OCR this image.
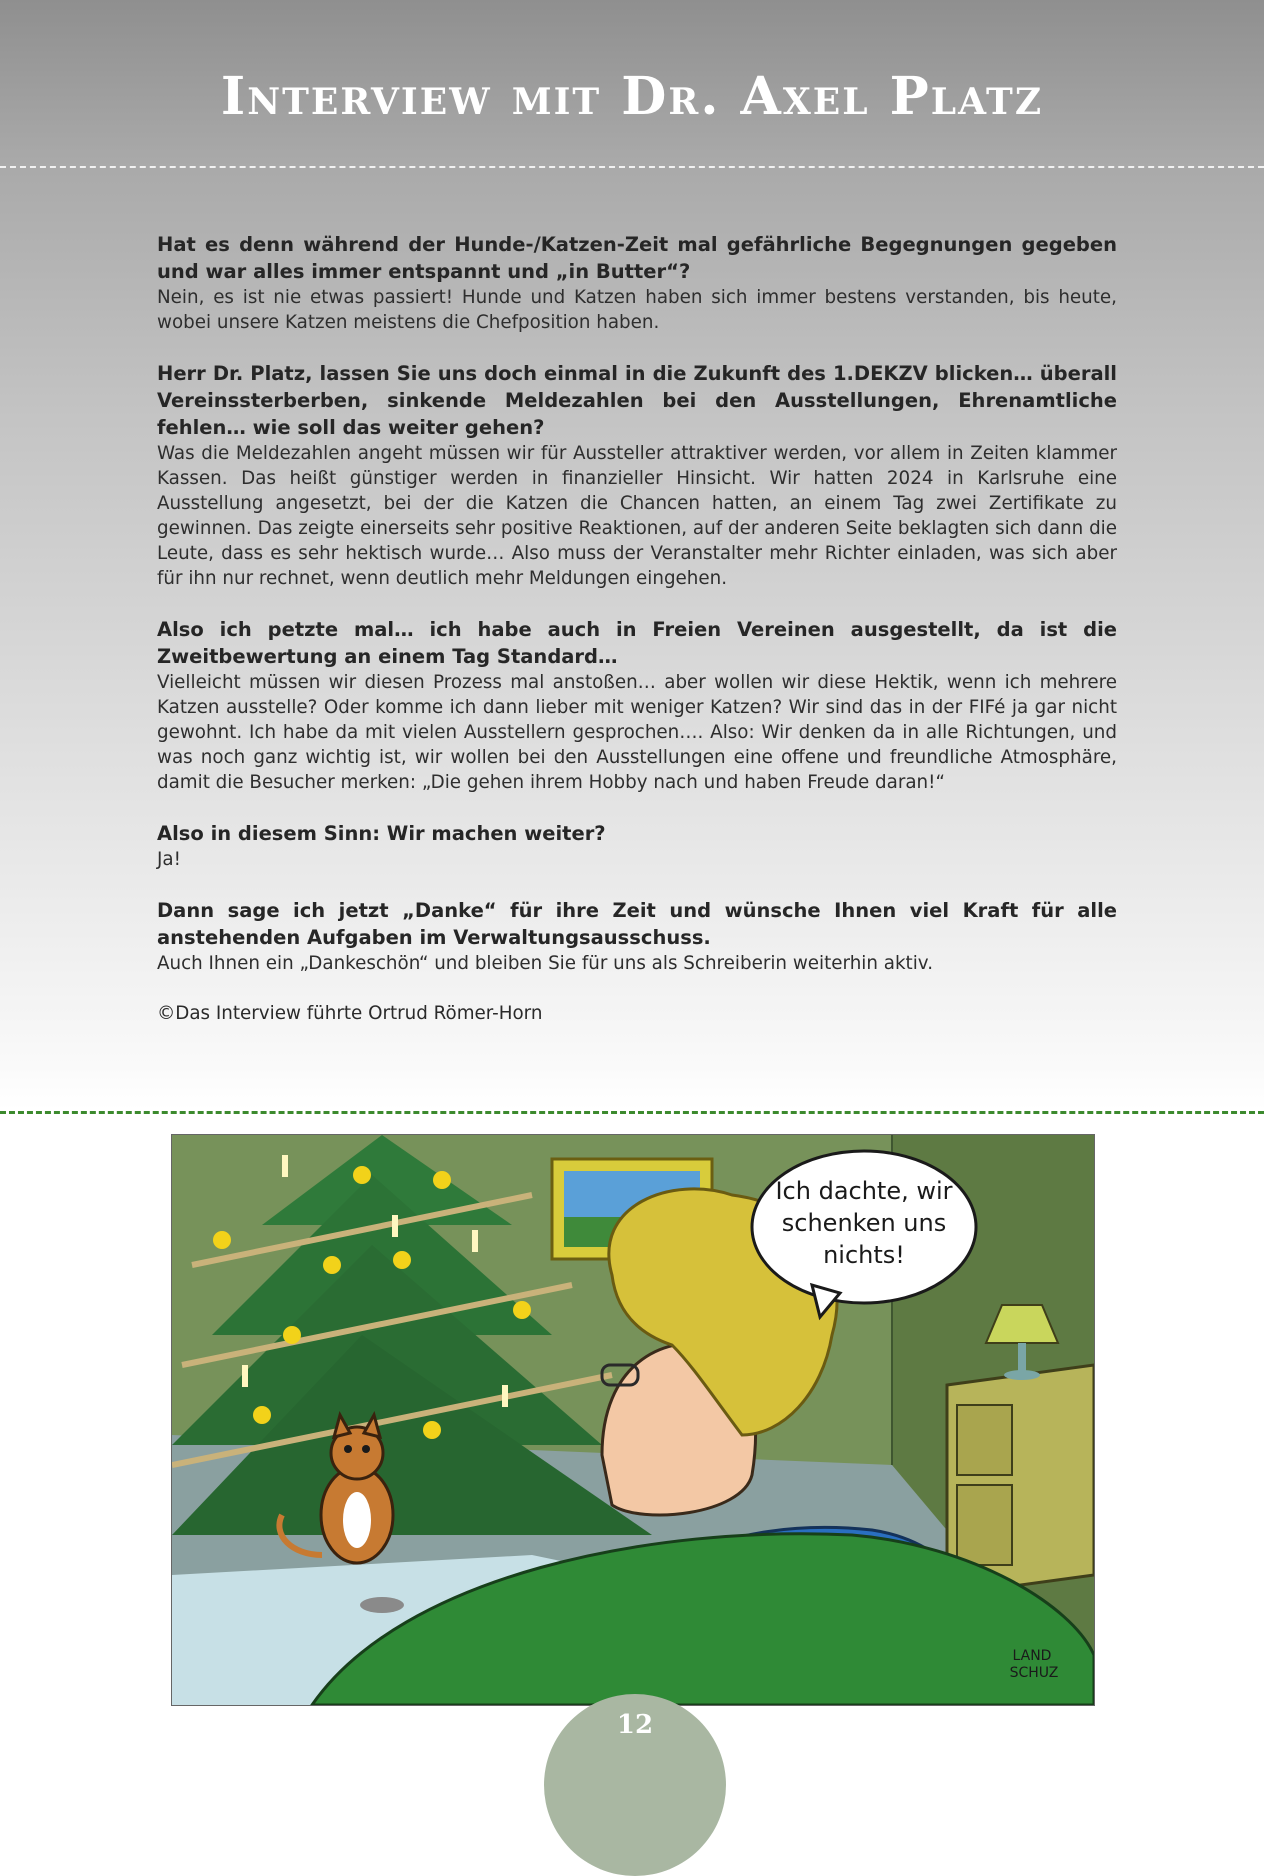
Interview mit Dr. Axel Platz

Hat es denn während der Hunde-/Katzen-Zeit mal gefährliche Begegnungen gegeben und war alles immer entspannt und „in Butter“?

Nein, es ist nie etwas passiert! Hunde und Katzen haben sich immer bestens verstanden, bis heute, wobei unsere Katzen meistens die Chefposition haben.

Herr Dr. Platz, lassen Sie uns doch einmal in die Zukunft des 1.DEKZV blicken… überall Vereinssterberben, sinkende Meldezahlen bei den Ausstellungen, Ehrenamtliche fehlen… wie soll das weiter gehen?

Was die Meldezahlen angeht müssen wir für Aussteller attraktiver werden, vor allem in Zeiten klammer Kassen. Das heißt günstiger werden in finanzieller Hinsicht. Wir hatten 2024 in Karlsruhe eine Ausstellung angesetzt, bei der die Katzen die Chancen hatten, an einem Tag zwei Zertifikate zu gewinnen. Das zeigte einerseits sehr positive Reaktionen, auf der anderen Seite beklagten sich dann die Leute, dass es sehr hektisch wurde… Also muss der Veranstalter mehr Richter einladen, was sich aber für ihn nur rechnet, wenn deutlich mehr Meldungen eingehen.

Also ich petzte mal… ich habe auch in Freien Vereinen ausgestellt, da ist die Zweitbewertung an einem Tag Standard…

Vielleicht müssen wir diesen Prozess mal anstoßen… aber wollen wir diese Hektik, wenn ich mehrere Katzen ausstelle? Oder komme ich dann lieber mit weniger Katzen? Wir sind das in der FIFé ja gar nicht gewohnt. Ich habe da mit vielen Ausstellern gesprochen…. Also: Wir denken da in alle Richtungen, und was noch ganz wichtig ist, wir wollen bei den Ausstellungen eine offene und freundliche Atmosphäre, damit die Besucher merken: „Die gehen ihrem Hobby nach und haben Freude daran!“

Also in diesem Sinn: Wir machen weiter?

Ja!

Dann sage ich jetzt „Danke“ für ihre Zeit und wünsche Ihnen viel Kraft für alle anstehenden Aufgaben im Verwaltungsausschuss.

Auch Ihnen ein „Dankeschön“ und bleiben Sie für uns als Schreiberin weiterhin aktiv.

©Das Interview führte Ortrud Römer-Horn

Ich dachte, wir
schenken uns
nichts!
LAND
SCHUZ
12
